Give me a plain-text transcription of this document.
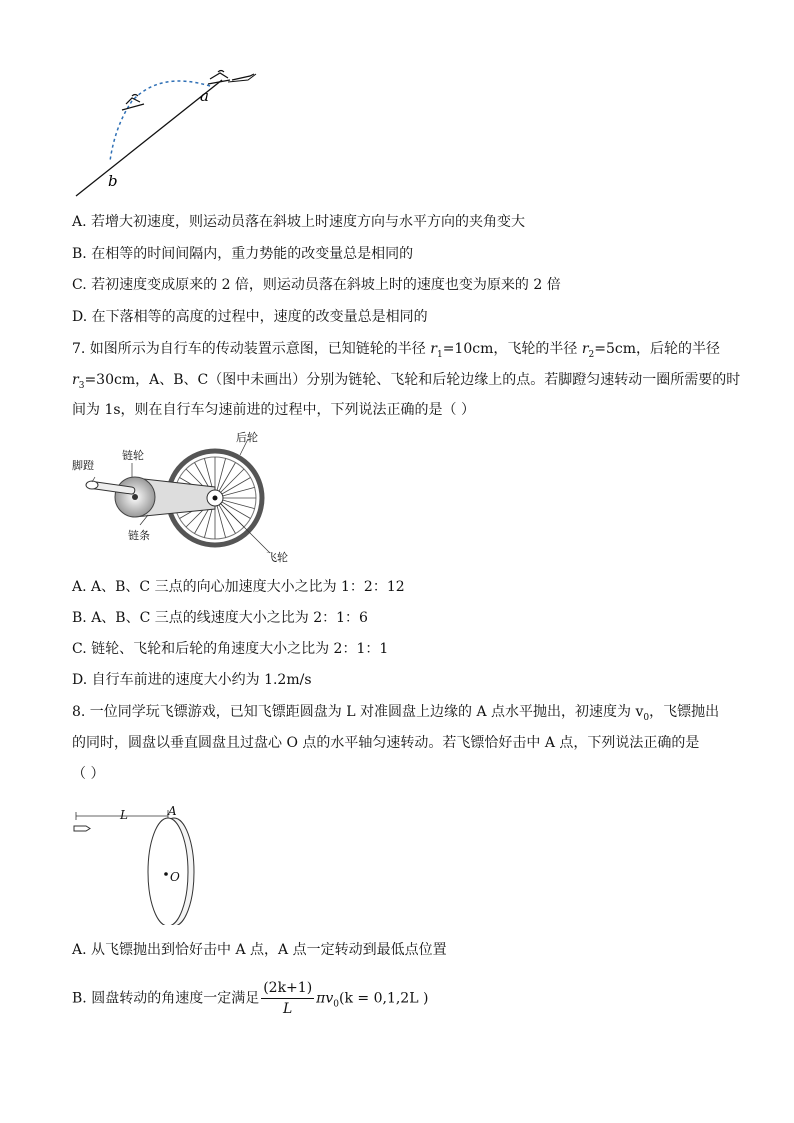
a
b
A. 若增大初速度，则运动员落在斜坡上时速度方向与水平方向的夹角变大
B. 在相等的时间间隔内，重力势能的改变量总是相同的
C. 若初速度变成原来的 2 倍，则运动员落在斜坡上时的速度也变为原来的 2 倍
D. 在下落相等的高度的过程中，速度的改变量总是相同的
7. 如图所示为自行车的传动装置示意图，已知链轮的半径 $r_1=10cm$，飞轮的半径 $r_2=5cm$，后轮的半径
$r_3=30cm$，A、B、C（图中未画出）分别为链轮、飞轮和后轮边缘上的点。若脚蹬匀速转动一圈所需要的时
间为 1s，则在自行车匀速前进的过程中，下列说法正确的是（ ）
脚蹬
链轮
后轮
链条
飞轮
A. A、B、C 三点的向心加速度大小之比为 1：2：12
B. A、B、C 三点的线速度大小之比为 2：1：6
C. 链轮、飞轮和后轮的角速度大小之比为 2：1：1
D. 自行车前进的速度大小约为 1.2m/s
8. 一位同学玩飞镖游戏，已知飞镖距圆盘为 L 对准圆盘上边缘的 A 点水平抛出，初速度为 $v_0$，飞镖抛出
的同时，圆盘以垂直圆盘且过盘心 O 点的水平轴匀速转动。若飞镖恰好击中 A 点，下列说法正确的是
（ ）
L	A
O
A. 从飞镖抛出到恰好击中 A 点，A 点一定转动到最低点位置
B. 圆盘转动的角速度一定满足 $\frac{(2k+1)}{L} \pi v_0(k = 0,1,2L$ )
